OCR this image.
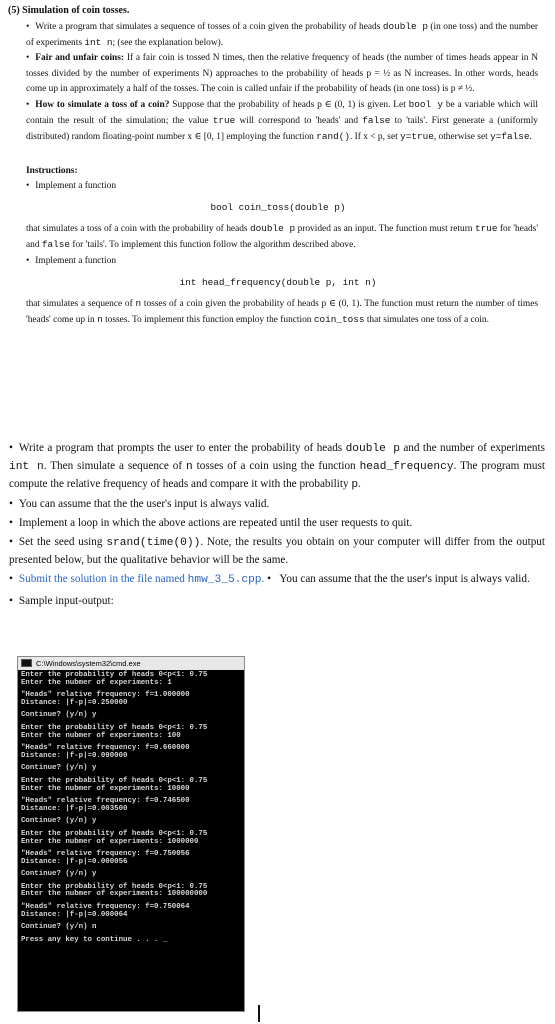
(5) Simulation of coin tosses.
• Write a program that simulates a sequence of tosses of a coin given the probability of heads double p (in one toss) and the number of experiments int n; (see the explanation below).
• Fair and unfair coins: If a fair coin is tossed N times, then the relative frequency of heads (the number of times heads appear in N tosses divided by the number of experiments N) approaches to the probability of heads p = ½ as N increases. In other words, heads come up in approximately a half of the tosses. The coin is called unfair if the probability of heads (in one toss) is p ≠ ½.
• How to simulate a toss of a coin? Suppose that the probability of heads p ∈ (0, 1) is given. Let bool y be a variable which will contain the result of the simulation; the value true will correspond to 'heads' and false to 'tails'. First generate a (uniformly distributed) random floating-point number x ∈ [0, 1] employing the function rand(). If x < p, set y=true, otherwise set y=false.
Instructions:
• Implement a function
bool coin_toss(double p)
that simulates a toss of a coin with the probability of heads double p provided as an input. The function must return true for 'heads' and false for 'tails'. To implement this function follow the algorithm described above.
• Implement a function
int head_frequency(double p, int n)
that simulates a sequence of n tosses of a coin given the probability of heads p ∈ (0, 1). The function must return the number of times 'heads' come up in n tosses. To implement this function employ the function coin_toss that simulates one toss of a coin.

• Write a program that prompts the user to enter the probability of heads double p and the number of experiments int n. Then simulate a sequence of n tosses of a coin using the function head_frequency. The program must compute the relative frequency of heads and compare it with the probability p.

• You can assume that the the user's input is always valid.

• Implement a loop in which the above actions are repeated until the user requests to quit.

• Set the seed using srand(time(0)). Note, the results you obtain on your computer will differ from the output presented below, but the qualitative behavior will be the same.

• Submit the solution in the file named hmw_3_5.cpp. • You can assume that the the user's input is always valid.

• Sample input-output:

C:\Windows\system32\cmd.exe
Enter the probability of heads 0<p<1: 0.75
Enter the nubmer of experiments: 1
"Heads" relative frequency: f=1.000000
Distance: |f-p|=0.250000
Continue? (y/n) y
Enter the probability of heads 0<p<1: 0.75
Enter the nubmer of experiments: 100
"Heads" relative frequency: f=0.660000
Distance: |f-p|=0.090000
Continue? (y/n) y
Enter the probability of heads 0<p<1: 0.75
Enter the nubmer of experiments: 10000
"Heads" relative frequency: f=0.746500
Distance: |f-p|=0.003500
Continue? (y/n) y
Enter the probability of heads 0<p<1: 0.75
Enter the nubmer of experiments: 1000000
"Heads" relative frequency: f=0.750056
Distance: |f-p|=0.000056
Continue? (y/n) y
Enter the probability of heads 0<p<1: 0.75
Enter the nubmer of experiments: 100000000
"Heads" relative frequency: f=0.750064
Distance: |f-p|=0.000064
Continue? (y/n) n
Press any key to continue . . . _
